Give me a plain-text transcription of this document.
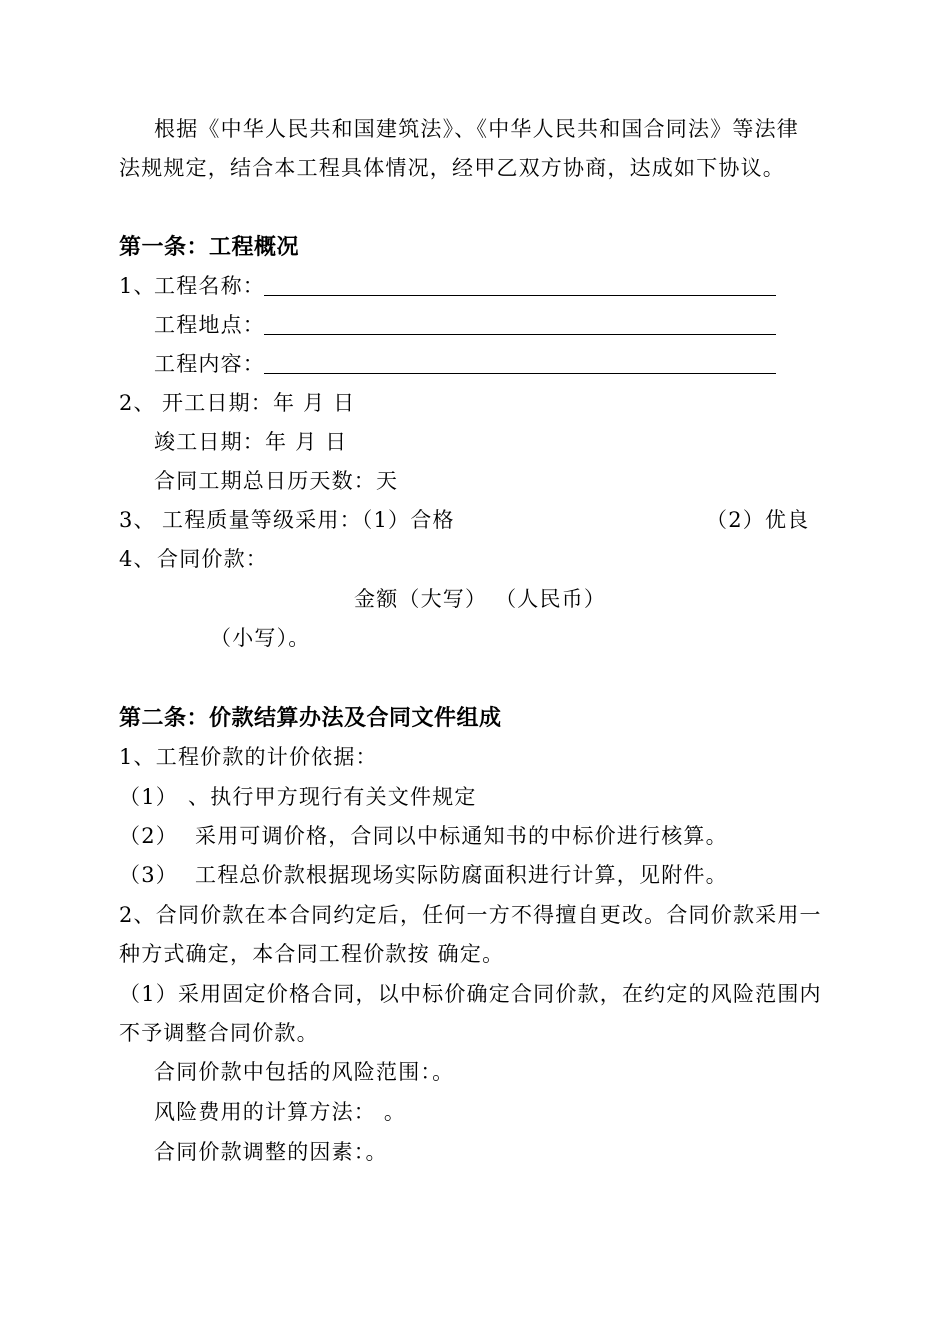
根据《中华人民共和国建筑法》、《中华人民共和国合同法》等法律
法规规定，结合本工程具体情况，经甲乙双方协商，达成如下协议。
第一条：工程概况
1、
工程名称：
工程地点：
工程内容：
2、 开工日期：年 月 日
竣工日期：年 月 日
合同工期总日历天数：天
3、 工程质量等级采用：（1）合格	（2）优良
4、 合同价款：
金额（大写） （人民币）
（小写）。
第二条：价款结算办法及合同文件组成
1、工程价款的计价依据：
（1） 、执行甲方现行有关文件规定
（2） 采用可调价格，合同以中标通知书的中标价进行核算。
（3） 工程总价款根据现场实际防腐面积进行计算，见附件。
2、合同价款在本合同约定后，任何一方不得擅自更改。合同价款采用一
种方式确定，本合同工程价款按 确定。
（1）采用固定价格合同，以中标价确定合同价款，在约定的风险范围内
不予调整合同价款。
合同价款中包括的风险范围：。
风险费用的计算方法： 。
合同价款调整的因素：。
